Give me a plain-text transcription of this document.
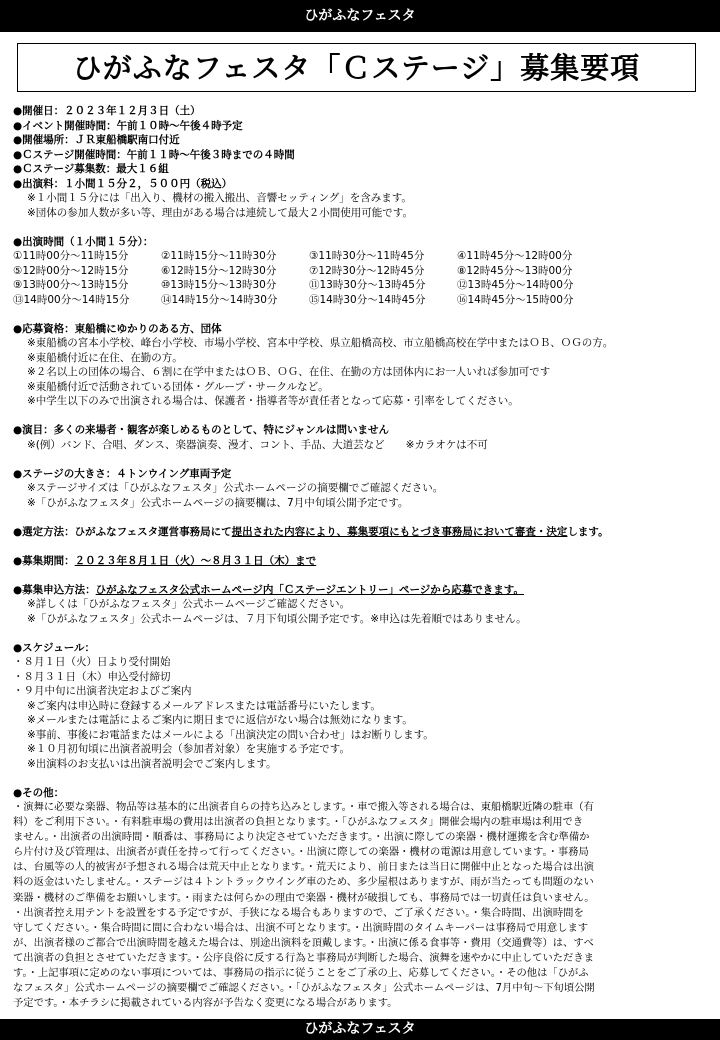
ひがふなフェスタ
ひがふなフェスタ「Ｃステージ」募集要項
●開催日：２０２３年１２月３日（土）
●イベント開催時間：午前１０時～午後４時予定
●開催場所：ＪＲ東船橋駅南口付近
●Ｃステージ開催時間：午前１１時～午後３時までの４時間
●Ｃステージ募集数：最大１６組
●出演料：１小間１５分２，５００円（税込）
※１小間１５分には「出入り、機材の搬入搬出、音響セッティング」を含みます。
※団体の参加人数が多い等、理由がある場合は連続して最大２小間使用可能です。
●出演時間（１小間１５分）：
①11時00分～11時15分	②11時15分～11時30分	③11時30分～11時45分	④11時45分～12時00分
⑤12時00分～12時15分	⑥12時15分～12時30分	⑦12時30分～12時45分	⑧12時45分～13時00分
⑨13時00分～13時15分	⑩13時15分～13時30分	⑪13時30分～13時45分	⑫13時45分～14時00分
⑬14時00分～14時15分	⑭14時15分～14時30分	⑮14時30分～14時45分	⑯14時45分～15時00分
●応募資格：東船橋にゆかりのある方、団体
※東船橋の宮本小学校、峰台小学校、市場小学校、宮本中学校、県立船橋高校、市立船橋高校在学中またはＯＢ、ＯＧの方。
※東船橋付近に在住、在勤の方。
※２名以上の団体の場合、６割に在学中またはＯＢ、ＯＧ、在住、在勤の方は団体内にお一人いれば参加可です
※東船橋付近で活動されている団体・グループ・サークルなど。
※中学生以下のみで出演される場合は、保護者・指導者等が責任者となって応募・引率をしてください。
●演目：多くの来場者・観客が楽しめるものとして、特にジャンルは問いません
※(例）バンド、合唱、ダンス、楽器演奏、漫才、コント、手品、大道芸など　　※カラオケは不可
●ステージの大きさ：４トンウイング車両予定
※ステージサイズは「ひがふなフェスタ」公式ホームページの摘要欄でご確認ください。
※「ひがふなフェスタ」公式ホームページの摘要欄は、7月中旬頃公開予定です。
●選定方法：ひがふなフェスタ運営事務局にて提出された内容により、募集要項にもとづき事務局において審査・決定します。
●募集期間：２０２３年８月１日（火）～８月３１日（木）まで
●募集申込方法：ひがふなフェスタ公式ホームページ内「Ｃステージエントリー」ページから応募できます。
※詳しくは「ひがふなフェスタ」公式ホームページご確認ください。
※「ひがふなフェスタ」公式ホームページは、７月下旬頃公開予定です。※申込は先着順ではありません。
●スケジュール：
・８月１日（火）日より受付開始
・８月３１日（木）申込受付締切
・９月中旬に出演者決定およびご案内
※ご案内は申込時に登録するメールアドレスまたは電話番号にいたします。
※メールまたは電話によるご案内に期日までに返信がない場合は無効になります。
※事前、事後にお電話またはメールによる「出演決定の問い合わせ」はお断りします。
※１０月初旬頃に出演者説明会（参加者対象）を実施する予定です。
※出演料のお支払いは出演者説明会でご案内します。
●その他：
・演舞に必要な楽器、物品等は基本的に出演者自らの持ち込みとします。・車で搬入等される場合は、東船橋駅近隣の駐車（有
料）をご利用下さい。・有料駐車場の費用は出演者の負担となります。・「ひがふなフェスタ」開催会場内の駐車場は利用でき
ません。・出演者の出演時間・順番は、事務局により決定させていただきます。・出演に際しての楽器・機材運搬を含む準備か
ら片付け及び管理は、出演者が責任を持って行ってください。・出演に際しての楽器・機材の電源は用意しています。・事務局
は、台風等の人的被害が予想される場合は荒天中止となります。・荒天により、前日または当日に開催中止となった場合は出演
料の返金はいたしません。・ステージは４トントラックウイング車のため、多少屋根はありますが、雨が当たっても問題のない
楽器・機材のご準備をお願いします。・雨または何らかの理由で楽器・機材が破損しても、事務局では一切責任は負いません。
・出演者控え用テントを設置をする予定ですが、手狭になる場合もありますので、ご了承ください。・集合時間、出演時間を
守してください。・集合時間に間に合わない場合は、出演不可となります。・出演時間のタイムキーパーは事務局で用意します
が、出演者様のご都合で出演時間を越えた場合は、別途出演料を頂戴します。・出演に係る食事等・費用（交通費等）は、すべ
て出演者の負担とさせていただきます。・公序良俗に反する行為と事務局が判断した場合、演舞を速やかに中止していただきま
す。・上記事項に定めのない事項については、事務局の指示に従うことをご了承の上、応募してください。・その他は「ひがふ
なフェスタ」公式ホームページの摘要欄でご確認ください。・「ひがふなフェスタ」公式ホームページは、7月中旬～下旬頃公開
予定です。・本チラシに掲載されている内容が予告なく変更になる場合があります。
ひがふなフェスタ
